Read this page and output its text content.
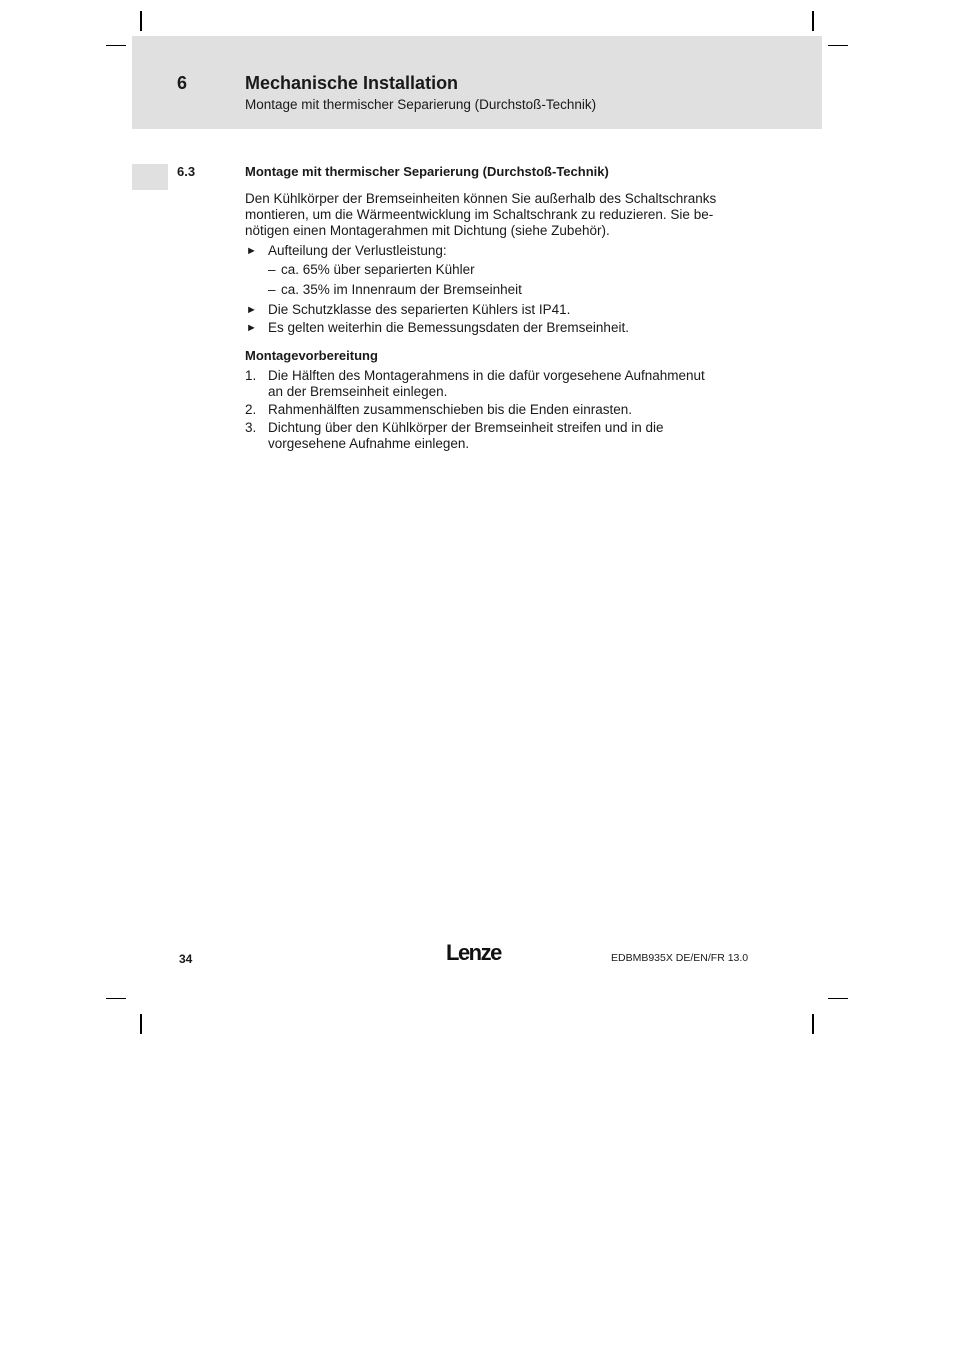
6	Mechanische Installation
Montage mit thermischer Separierung (Durchstoß-Technik)
6.3	Montage mit thermischer Separierung (Durchstoß-Technik)

Den Kühlkörper der Bremseinheiten können Sie außerhalb des Schaltschranks
montieren, um die Wärmeentwicklung im Schaltschrank zu reduzieren. Sie be-
nötigen einen Montagerahmen mit Dichtung (siehe Zubehör).

► Aufteilung der Verlustleistung:
– ca. 65% über separierten Kühler
– ca. 35% im Innenraum der Bremseinheit
► Die Schutzklasse des separierten Kühlers ist IP41.
► Es gelten weiterhin die Bemessungsdaten der Bremseinheit.
Montagevorbereitung
1. Die Hälften des Montagerahmens in die dafür vorgesehene Aufnahmenut
an der Bremseinheit einlegen.
2. Rahmenhälften zusammenschieben bis die Enden einrasten.
3. Dichtung über den Kühlkörper der Bremseinheit streifen und in die
vorgesehene Aufnahme einlegen.
34	Lenze	EDBMB935X DE/EN/FR 13.0
